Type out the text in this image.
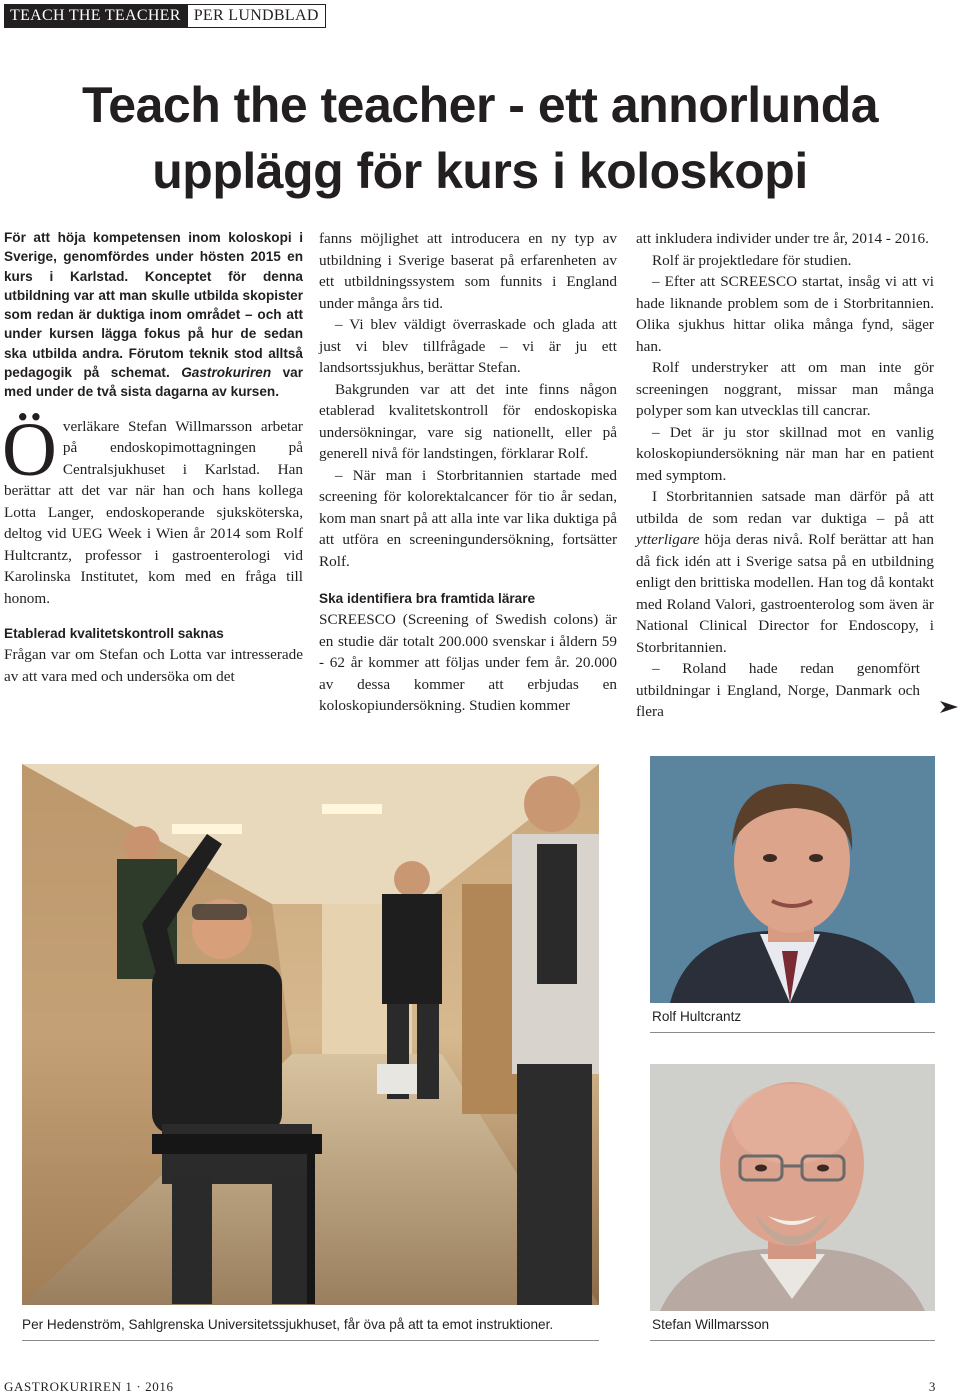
TEACH THE TEACHER PER LUNDBLAD
Teach the teacher - ett annorlunda
upplägg för kurs i koloskopi

För att höja kompetensen inom koloskopi i Sverige, genomfördes under hösten 2015 en kurs i Karlstad. Konceptet för denna utbildning var att man skulle utbilda skopister som redan är duktiga inom området – och att under kursen lägga fokus på hur de sedan ska utbilda andra. Förutom teknik stod alltså pedagogik på schemat. Gastrokuriren var med under de två sista dagarna av kursen.

Överläkare Stefan Willmarsson arbetar på endoskopimottagningen på Centralsjukhuset i Karlstad. Han berättar att det var när han och hans kollega Lotta Langer, endoskoperande sjuksköterska, deltog vid UEG Week i Wien år 2014 som Rolf Hultcrantz, professor i gastroenterologi vid Karolinska Institutet, kom med en fråga till honom.

Etablerad kvalitetskontroll saknas

Frågan var om Stefan och Lotta var intresserade av att vara med och undersöka om det

fanns möjlighet att introducera en ny typ av utbildning i Sverige baserat på erfarenheten av ett utbildningssystem som funnits i England under många års tid.

– Vi blev väldigt överraskade och glada att just vi blev tillfrågade – vi är ju ett landsortssjukhus, berättar Stefan.

Bakgrunden var att det inte finns någon etablerad kvalitetskontroll för endoskopiska undersökningar, vare sig nationellt, eller på generell nivå för landstingen, förklarar Rolf.

– När man i Storbritannien startade med screening för kolorektalcancer för tio år sedan, kom man snart på att alla inte var lika duktiga på att utföra en screeningundersökning, fortsätter Rolf.

Ska identifiera bra framtida lärare

SCREESCO (Screening of Swedish colons) är en studie där totalt 200.000 svenskar i åldern 59 - 62 år kommer att följas under fem år. 20.000 av dessa kommer att erbjudas en koloskopiundersökning. Studien kommer

att inkludera individer under tre år, 2014 - 2016.

Rolf är projektledare för studien.

– Efter att SCREESCO startat, insåg vi att vi hade liknande problem som de i Storbritannien. Olika sjukhus hittar olika många fynd, säger han.

Rolf understryker att om man inte gör screeningen noggrant, missar man många polyper som kan utvecklas till cancrar.

– Det är ju stor skillnad mot en vanlig koloskopiundersökning när man har en patient med symptom.

I Storbritannien satsade man därför på att utbilda de som redan var duktiga – på att ytterligare höja deras nivå. Rolf berättar att han då fick idén att i Sverige satsa på en utbildning enligt den brittiska modellen. Han tog då kontakt med Roland Valori, gastroenterolog som även är National Clinical Director for Endoscopy, i Storbritannien.

– Roland hade redan genomfört utbildningar i England, Norge, Danmark och flera

Per Hedenström, Sahlgrenska Universitetssjukhuset, får öva på att ta emot instruktioner.
Rolf Hultcrantz
Stefan Willmarsson
GASTROKURIREN 1 · 2016	3
